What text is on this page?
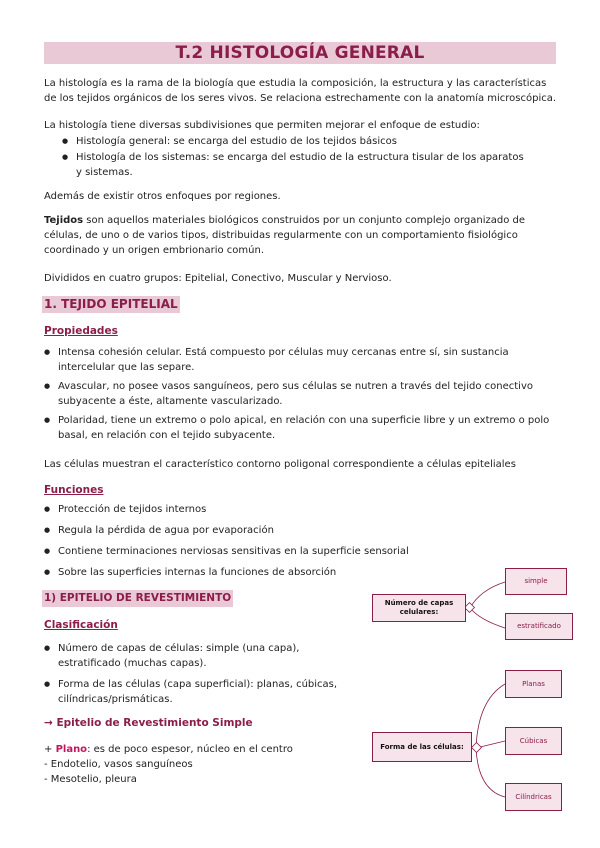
T.2 HISTOLOGÍA GENERAL

La histología es la rama de la biología que estudia la composición, la estructura y las características de los tejidos orgánicos de los seres vivos. Se relaciona estrechamente con la anatomía microscópica.

La histología tiene diversas subdivisiones que permiten mejorar el enfoque de estudio:

● Histología general: se encarga del estudio de los tejidos básicos
● Histología de los sistemas: se encarga del estudio de la estructura tisular de los aparatos y sistemas.

Además de existir otros enfoques por regiones.

Tejidos son aquellos materiales biológicos construidos por un conjunto complejo organizado de células, de uno o de varios tipos, distribuidas regularmente con un comportamiento fisiológico coordinado y un origen embrionario común.

Divididos en cuatro grupos: Epitelial, Conectivo, Muscular y Nervioso.

1. TEJIDO EPITELIAL
Propiedades
● Intensa cohesión celular. Está compuesto por células muy cercanas entre sí, sin sustancia intercelular que las separe.
● Avascular, no posee vasos sanguíneos, pero sus células se nutren a través del tejido conectivo subyacente a éste, altamente vascularizado.
● Polaridad, tiene un extremo o polo apical, en relación con una superficie libre y un extremo o polo basal, en relación con el tejido subyacente.

Las células muestran el característico contorno poligonal correspondiente a células epiteliales

Funciones
● Protección de tejidos internos
● Regula la pérdida de agua por evaporación
● Contiene terminaciones nerviosas sensitivas en la superficie sensorial
● Sobre las superficies internas la funciones de absorción
1) EPITELIO DE REVESTIMIENTO
Clasificación
● Número de capas de células: simple (una capa), estratificado (muchas capas).
● Forma de las células (capa superficial): planas, cúbicas, cilíndricas/prismáticas.
→ Epitelio de Revestimiento Simple

+ Plano: es de poco espesor, núcleo en el centro

- Endotelio, vasos sanguíneos

- Mesotelio, pleura

Número de capas celulares:
simple
estratificado
Forma de las células:
Planas
Cúbicas
Cilíndricas
